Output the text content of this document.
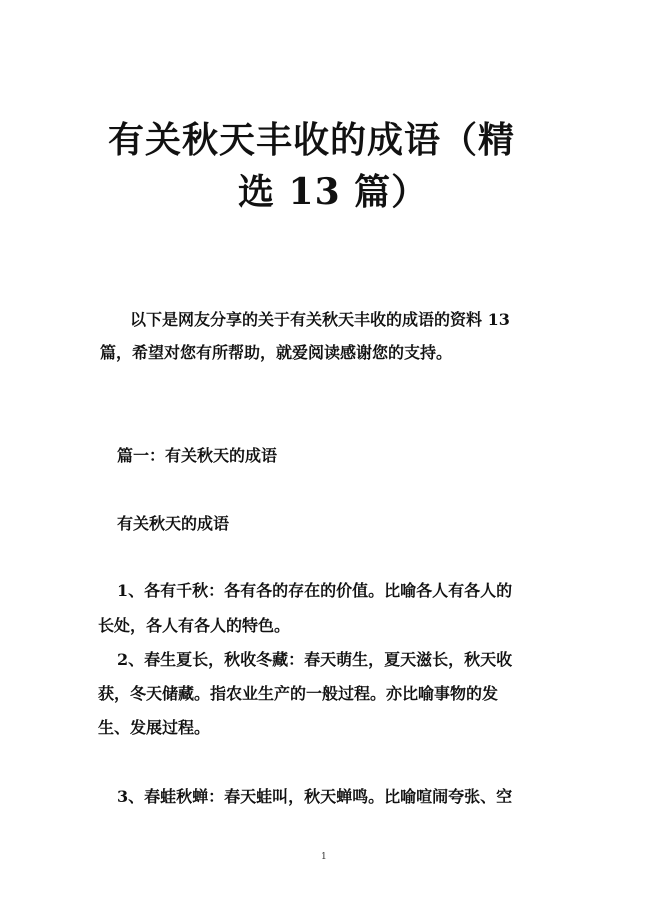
有关秋天丰收的成语（精
选 13 篇）
以下是网友分享的关于有关秋天丰收的成语的资料 13
篇，希望对您有所帮助，就爱阅读感谢您的支持。
篇一：有关秋天的成语
有关秋天的成语
1、各有千秋：各有各的存在的价值。比喻各人有各人的
长处，各人有各人的特色。
2、春生夏长，秋收冬藏：春天萌生，夏天滋长，秋天收
获，冬天储藏。指农业生产的一般过程。亦比喻事物的发
生、发展过程。
3、春蛙秋蝉：春天蛙叫，秋天蝉鸣。比喻喧闹夸张、空
1
